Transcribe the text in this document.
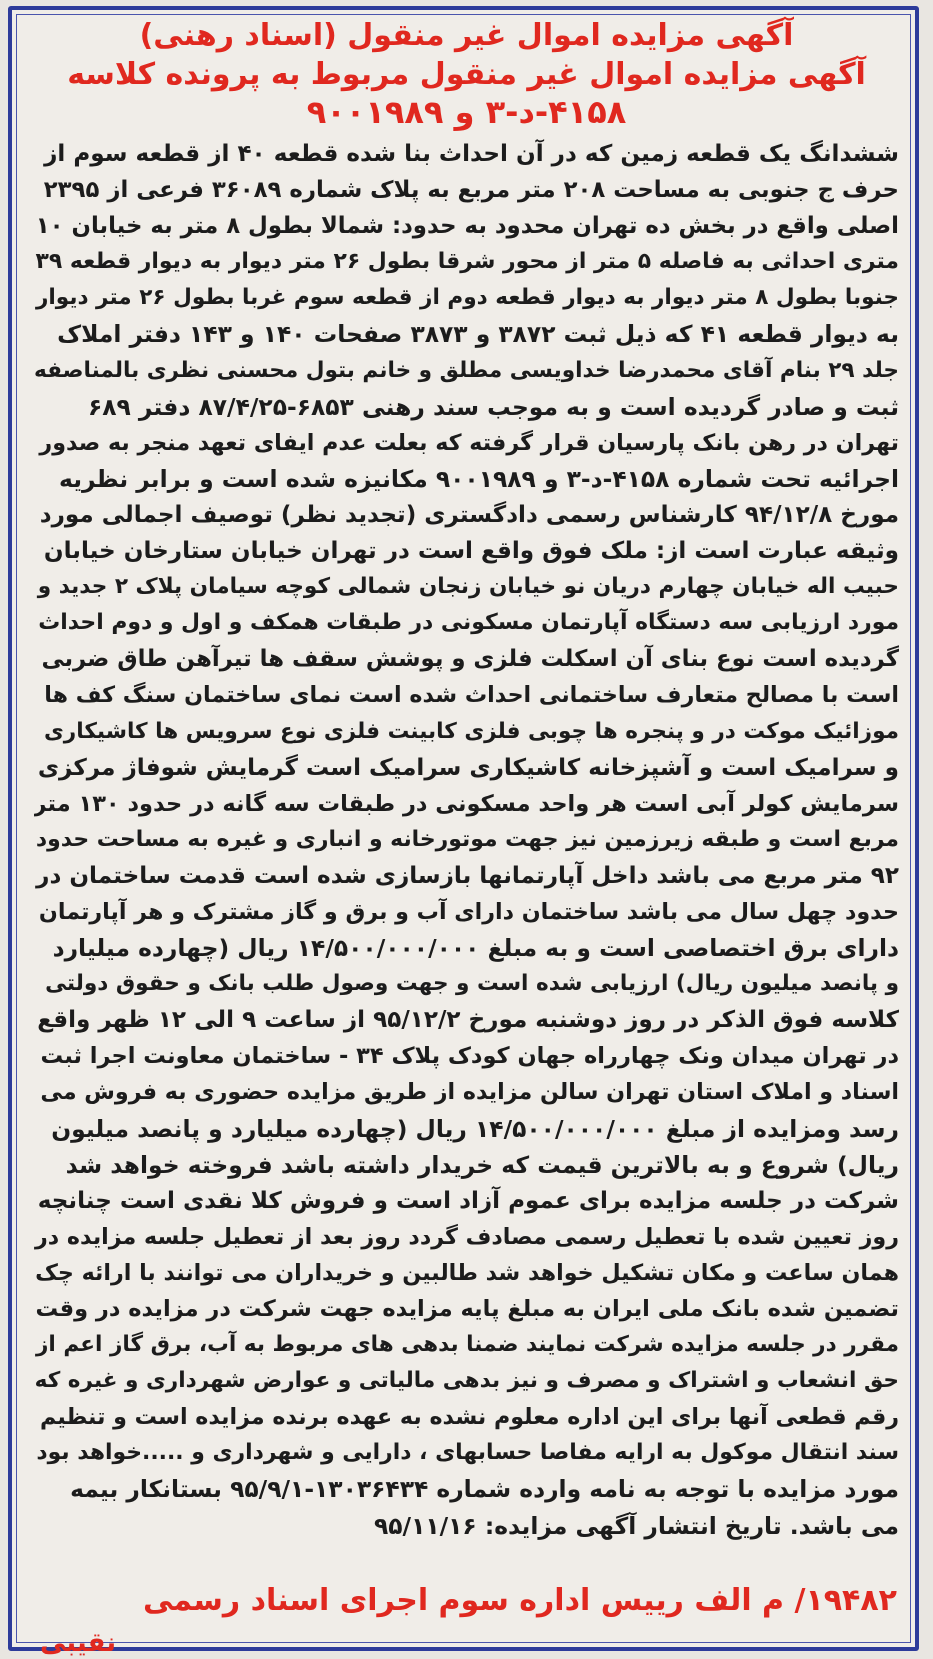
آگهی مزایده اموال غیر منقول (اسناد رهنی)
آگهی مزایده اموال غیر منقول مربوط به پرونده کلاسه
۴۱۵۸-د-۳ و ۹۰۰۱۹۸۹
ششدانگ یک قطعه زمین که در آن احداث بنا شده قطعه ۴۰ از قطعه سوم از
حرف ج جنوبی به مساحت ۲۰۸ متر مربع به پلاک شماره ۳۶۰۸۹ فرعی از ۲۳۹۵
اصلی واقع در بخش ده تهران محدود به حدود: شمالا بطول ۸ متر به خیابان ۱۰
متری احداثی به فاصله ۵ متر از محور شرقا بطول ۲۶ متر دیوار به دیوار قطعه ۳۹
جنوبا بطول ۸ متر دیوار به دیوار قطعه دوم از قطعه سوم غربا بطول ۲۶ متر دیوار
به دیوار قطعه ۴۱ که ذیل ثبت ۳۸۷۲ و ۳۸۷۳ صفحات ۱۴۰ و ۱۴۳ دفتر املاک
جلد ۲۹ بنام آقای محمدرضا خداویسی مطلق و خانم بتول محسنی نظری بالمناصفه
ثبت و صادر گردیده است و به موجب سند رهنی ۶۸۵۳-۸۷/۴/۲۵ دفتر ۶۸۹
تهران در رهن بانک پارسیان قرار گرفته که بعلت عدم ایفای تعهد منجر به صدور
اجرائیه تحت شماره ۴۱۵۸-د-۳ و ۹۰۰۱۹۸۹ مکانیزه شده است و برابر نظریه
مورخ ۹۴/۱۲/۸ کارشناس رسمی دادگستری (تجدید نظر) توصیف اجمالی مورد
وثیقه عبارت است از: ملک فوق واقع است در تهران خیابان ستارخان خیابان
حبیب اله خیابان چهارم دریان نو خیابان زنجان شمالی کوچه سیامان پلاک ۲ جدید و
مورد ارزیابی سه دستگاه آپارتمان مسکونی در طبقات همکف و اول و دوم احداث
گردیده است نوع بنای آن اسکلت فلزی و پوشش سقف ها تیرآهن طاق ضربی
است با مصالح متعارف ساختمانی احداث شده است نمای ساختمان سنگ کف ها
موزائیک موکت در و پنجره ها چوبی فلزی کابینت فلزی نوع سرویس ها کاشیکاری
و سرامیک است و آشپزخانه کاشیکاری سرامیک است گرمایش شوفاژ مرکزی
سرمایش کولر آبی است هر واحد مسکونی در طبقات سه گانه در حدود ۱۳۰ متر
مربع است و طبقه زیرزمین نیز جهت موتورخانه و انباری و غیره به مساحت حدود
۹۲ متر مربع می باشد داخل آپارتمانها بازسازی شده است قدمت ساختمان در
حدود چهل سال می باشد ساختمان دارای آب و برق و گاز مشترک و هر آپارتمان
دارای برق اختصاصی است و به مبلغ ۱۴/۵۰۰/۰۰۰/۰۰۰ ریال (چهارده میلیارد
و پانصد میلیون ریال) ارزیابی شده است و جهت وصول طلب بانک و حقوق دولتی
کلاسه فوق الذکر در روز دوشنبه مورخ ۹۵/۱۲/۲ از ساعت ۹ الی ۱۲ ظهر واقع
در تهران میدان ونک چهارراه جهان کودک پلاک ۳۴ - ساختمان معاونت اجرا ثبت
اسناد و املاک استان تهران سالن مزایده از طریق مزایده حضوری به فروش می
رسد ومزایده از مبلغ ۱۴/۵۰۰/۰۰۰/۰۰۰ ریال (چهارده میلیارد و پانصد میلیون
ریال) شروع و به بالاترین قیمت که خریدار داشته باشد فروخته خواهد شد
شرکت در جلسه مزایده برای عموم آزاد است و فروش کلا نقدی است چنانچه
روز تعیین شده با تعطیل رسمی مصادف گردد روز بعد از تعطیل جلسه مزایده در
همان ساعت و مکان تشکیل خواهد شد طالبین و خریداران می توانند با ارائه چک
تضمین شده بانک ملی ایران به مبلغ پایه مزایده جهت شرکت در مزایده در وقت
مقرر در جلسه مزایده شرکت نمایند ضمنا بدهی های مربوط به آب، برق گاز اعم از
حق انشعاب و اشتراک و مصرف و نیز بدهی مالیاتی و عوارض شهرداری و غیره که
رقم قطعی آنها برای این اداره معلوم نشده به عهده برنده مزایده است و تنظیم
سند انتقال موکول به ارایه مفاصا حسابهای ، دارایی و شهرداری و .....خواهد بود
مورد مزایده با توجه به نامه وارده شماره ۱۳۰۳۶۴۳۴-۹۵/۹/۱ بستانکار بیمه
می باشد. تاریخ انتشار آگهی مزایده: ۹۵/۱۱/۱۶
۱۹۴۸۲/ م الف رییس اداره سوم اجرای اسناد رسمی
نقیبی
